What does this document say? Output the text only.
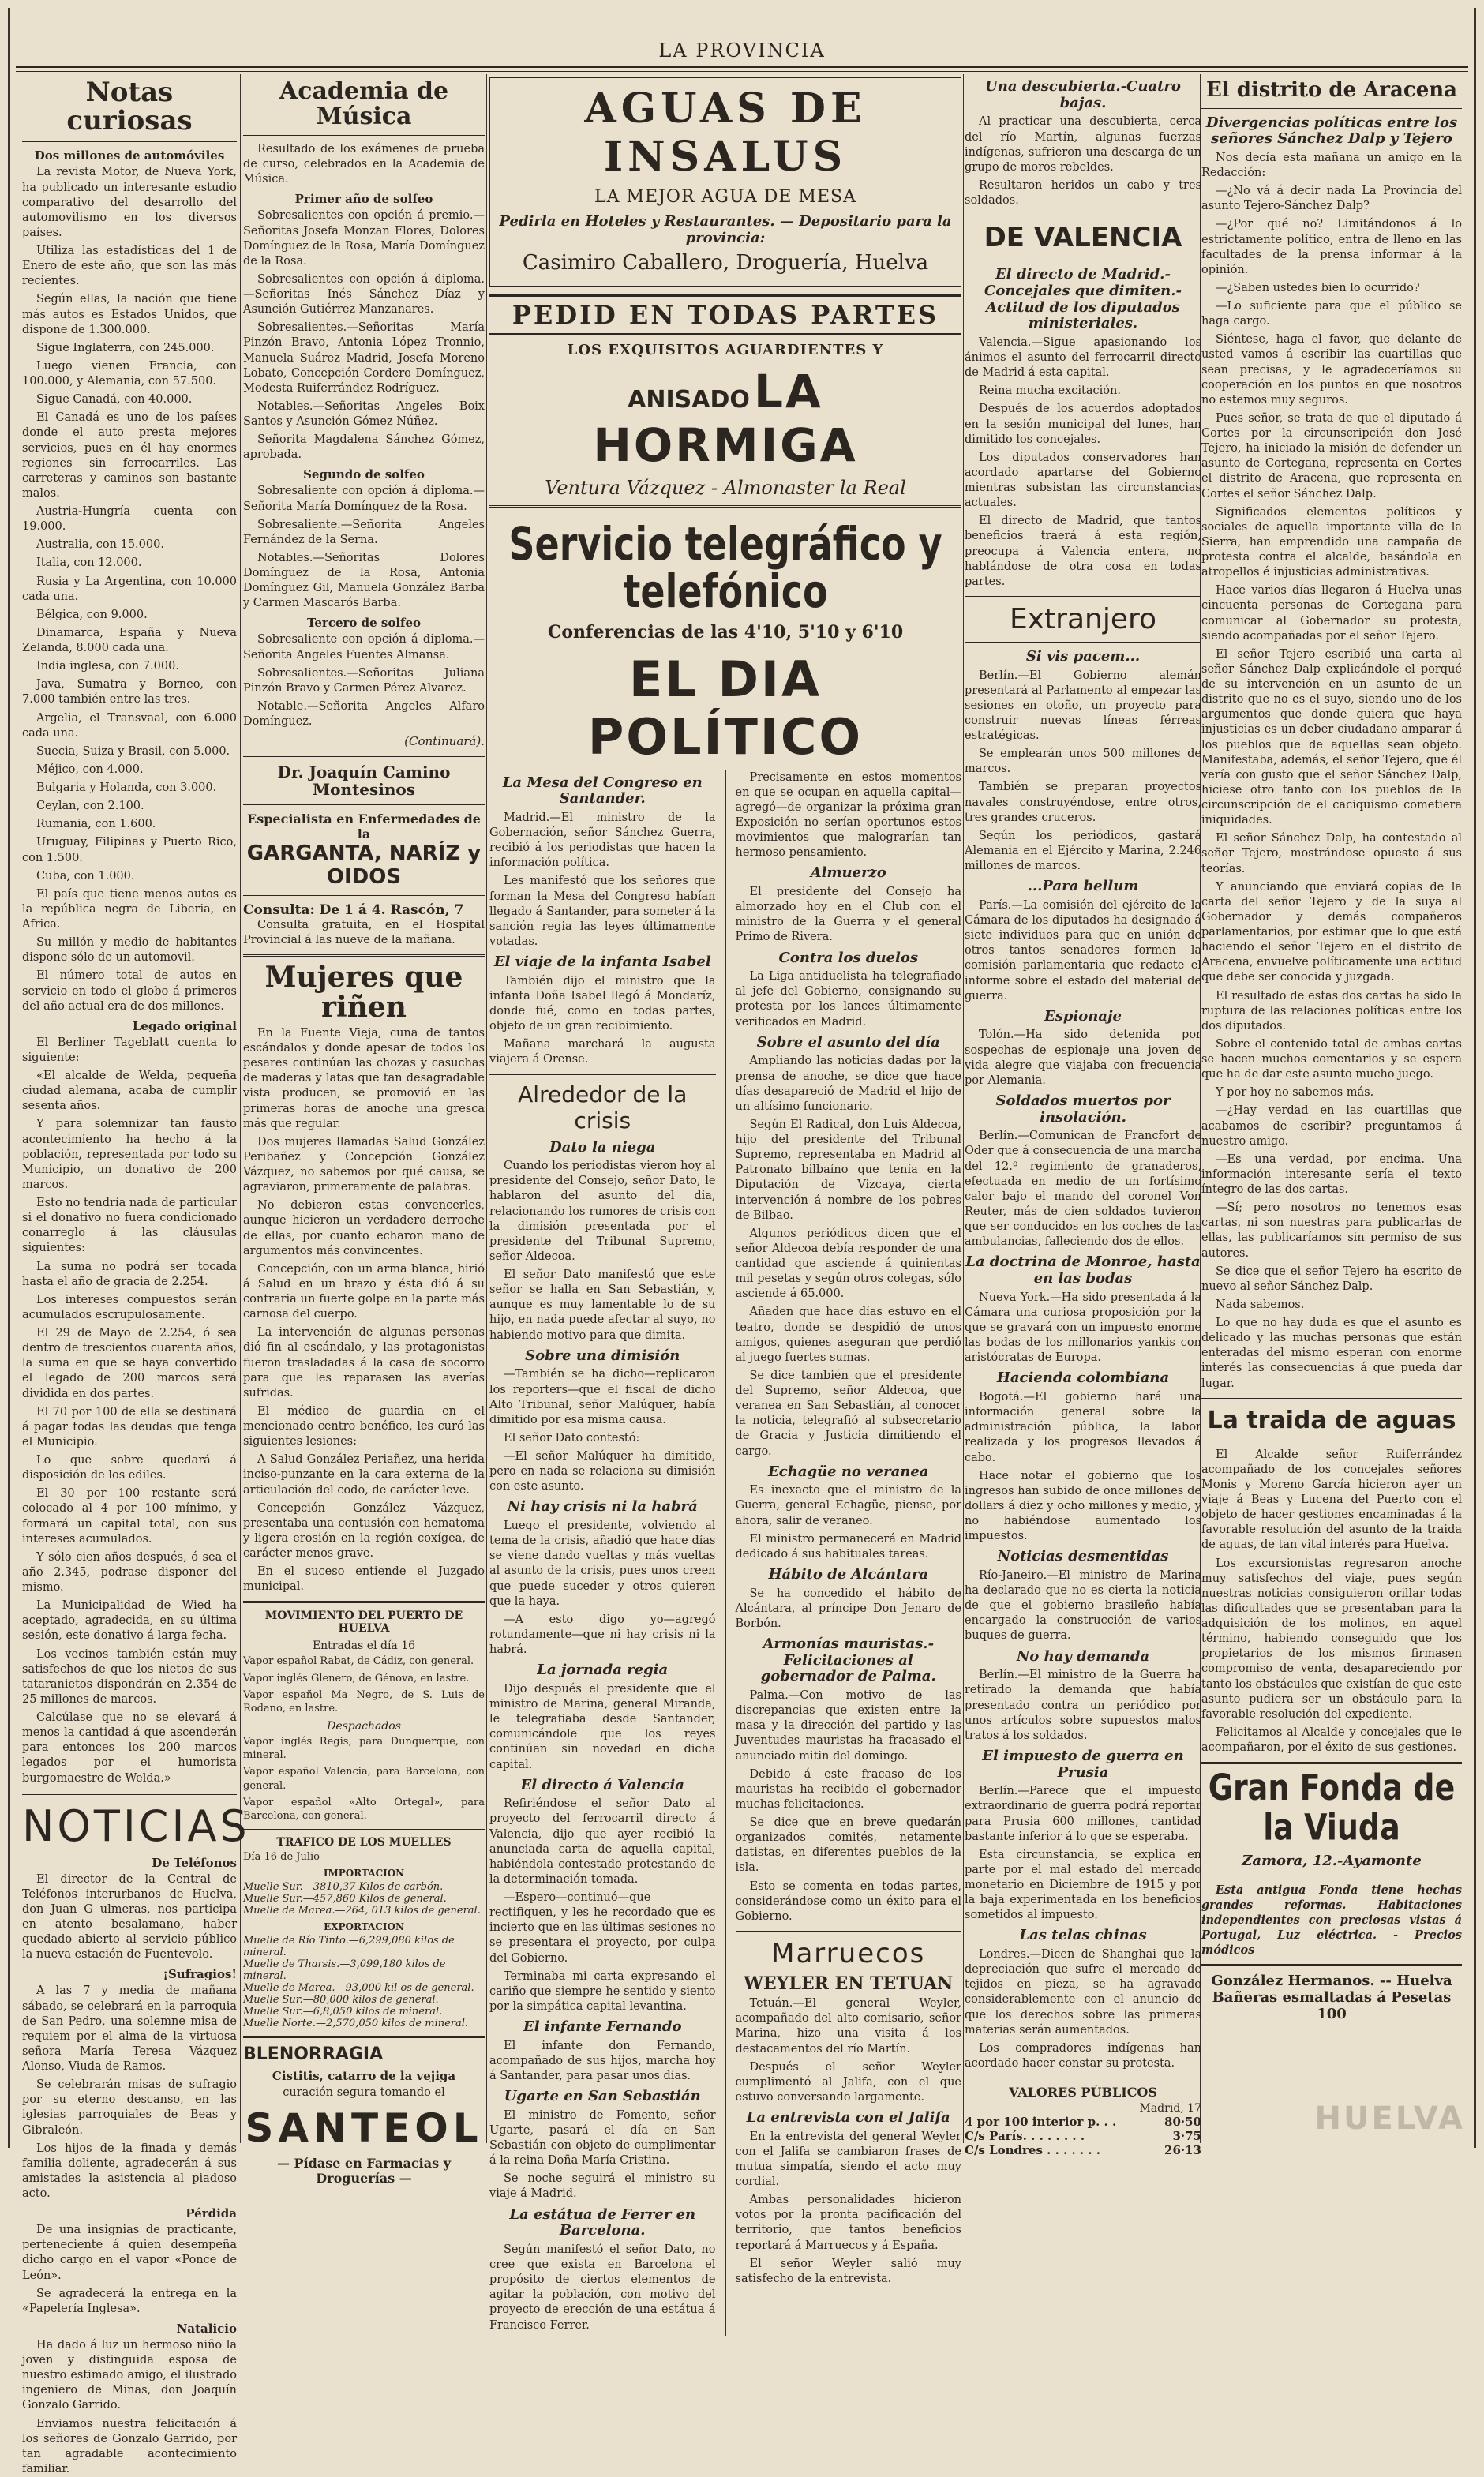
LA PROVINCIA
Notas curiosas
Dos millones de automóviles

La revista Motor, de Nueva York, ha publicado un interesante estudio comparativo del desarrollo del automovilismo en los diversos países.

Utiliza las estadísticas del 1 de Enero de este año, que son las más recientes.

Según ellas, la nación que tiene más autos es Estados Unidos, que dispone de 1.300.000.

Sigue Inglaterra, con 245.000.

Luego vienen Francia, con 100.000, y Alemania, con 57.500.

Sigue Canadá, con 40.000.

El Canadá es uno de los países donde el auto presta mejores servicios, pues en él hay enormes regiones sin ferrocarriles. Las carreteras y caminos son bastante malos.

Austria-Hungría cuenta con 19.000.

Australia, con 15.000.

Italia, con 12.000.

Rusia y La Argentina, con 10.000 cada una.

Bélgica, con 9.000.

Dinamarca, España y Nueva Zelanda, 8.000 cada una.

India inglesa, con 7.000.

Java, Sumatra y Borneo, con 7.000 también entre las tres.

Argelia, el Transvaal, con 6.000 cada una.

Suecia, Suiza y Brasil, con 5.000.

Méjico, con 4.000.

Bulgaria y Holanda, con 3.000.

Ceylan, con 2.100.

Rumania, con 1.600.

Uruguay, Filipinas y Puerto Rico, con 1.500.

Cuba, con 1.000.

El país que tiene menos autos es la república negra de Liberia, en Africa.

Su millón y medio de habitantes dispone sólo de un automovil.

El número total de autos en servicio en todo el globo á primeros del año actual era de dos millones.

Legado original

El Berliner Tageblatt cuenta lo siguiente:

«El alcalde de Welda, pequeña ciudad alemana, acaba de cumplir sesenta años.

Y para solemnizar tan fausto acontecimiento ha hecho á la población, representada por todo su Municipio, un donativo de 200 marcos.

Esto no tendría nada de particular si el donativo no fuera condicionado conarreglo á las cláusulas siguientes:

La suma no podrá ser tocada hasta el año de gracia de 2.254.

Los intereses compuestos serán acumulados escrupulosamente.

El 29 de Mayo de 2.254, ó sea dentro de trescientos cuarenta años, la suma en que se haya convertido el legado de 200 marcos será dividida en dos partes.

El 70 por 100 de ella se destinará á pagar todas las deudas que tenga el Municipio.

Lo que sobre quedará á disposición de los ediles.

El 30 por 100 restante será colocado al 4 por 100 mínimo, y formará un capital total, con sus intereses acumulados.

Y sólo cien años después, ó sea el año 2.345, podrase disponer del mismo.

La Municipalidad de Wied ha aceptado, agradecida, en su última sesión, este donativo á larga fecha.

Los vecinos también están muy satisfechos de que los nietos de sus tataranietos dispondrán en 2.354 de 25 millones de marcos.

Calcúlase que no se elevará á menos la cantidad á que ascenderán para entonces los 200 marcos legados por el humorista burgomaestre de Welda.»

NOTICIAS
De Teléfonos

El director de la Central de Teléfonos interurbanos de Huelva, don Juan G ulmeras, nos participa en atento besalamano, haber quedado abierto al servicio público la nueva estación de Fuentevolo.

¡Sufragios!

A las 7 y media de mañana sábado, se celebrará en la parroquia de San Pedro, una solemne misa de requiem por el alma de la virtuosa señora María Teresa Vázquez Alonso, Viuda de Ramos.

Se celebrarán misas de sufragio por su eterno descanso, en las iglesias parroquiales de Beas y Gibraleón.

Los hijos de la finada y demás familia doliente, agradecerán á sus amistades la asistencia al piadoso acto.

Pérdida

De una insignias de practicante, perteneciente á quien desempeña dicho cargo en el vapor «Ponce de León».

Se agradecerá la entrega en la «Papelería Inglesa».

Natalicio

Ha dado á luz un hermoso niño la joven y distinguida esposa de nuestro estimado amigo, el ilustrado ingeniero de Minas, don Joaquín Gonzalo Garrido.

Enviamos nuestra felicitación á los señores de Gonzalo Garrido, por tan agradable acontecimiento familiar.

Academia de Música

Resultado de los exámenes de prueba de curso, celebrados en la Academia de Música.

Primer año de solfeo

Sobresalientes con opción á premio.—Señoritas Josefa Monzan Flores, Dolores Domínguez de la Rosa, María Domínguez de la Rosa.

Sobresalientes con opción á diploma.—Señoritas Inés Sánchez Díaz y Asunción Gutiérrez Manzanares.

Sobresalientes.—Señoritas María Pinzón Bravo, Antonia López Tronnio, Manuela Suárez Madrid, Josefa Moreno Lobato, Concepción Cordero Domínguez, Modesta Ruiferrández Rodríguez.

Notables.—Señoritas Angeles Boix Santos y Asunción Gómez Núñez.

Señorita Magdalena Sánchez Gómez, aprobada.

Segundo de solfeo

Sobresaliente con opción á diploma.—Señorita María Domínguez de la Rosa.

Sobresaliente.—Señorita Angeles Fernández de la Serna.

Notables.—Señoritas Dolores Domínguez de la Rosa, Antonia Domínguez Gil, Manuela González Barba y Carmen Mascarós Barba.

Tercero de solfeo

Sobresaliente con opción á diploma.—Señorita Angeles Fuentes Almansa.

Sobresalientes.—Señoritas Juliana Pinzón Bravo y Carmen Pérez Alvarez.

Notable.—Señorita Angeles Alfaro Domínguez.

(Continuará).
Dr. Joaquín Camino Montesinos
Especialista en Enfermedades de la
GARGANTA, NARÍZ y OIDOS
Consulta: De 1 á 4. Rascón, 7

Consulta gratuita, en el Hospital Provincial á las nueve de la mañana.

Mujeres que riñen

En la Fuente Vieja, cuna de tantos escándalos y donde apesar de todos los pesares continúan las chozas y casuchas de maderas y latas que tan desagradable vista producen, se promovió en las primeras horas de anoche una gresca más que regular.

Dos mujeres llamadas Salud González Peribañez y Concepción González Vázquez, no sabemos por qué causa, se agraviaron, primeramente de palabras.

No debieron estas convencerles, aunque hicieron un verdadero derroche de ellas, por cuanto echaron mano de argumentos más convincentes.

Concepción, con un arma blanca, hirió á Salud en un brazo y ésta dió á su contraria un fuerte golpe en la parte más carnosa del cuerpo.

La intervención de algunas personas dió fin al escándalo, y las protagonistas fueron trasladadas á la casa de socorro para que les reparasen las averías sufridas.

El médico de guardia en el mencionado centro benéfico, les curó las siguientes lesiones:

A Salud González Periañez, una herida inciso-punzante en la cara externa de la articulación del codo, de carácter leve.

Concepción González Vázquez, presentaba una contusión con hematoma y ligera erosión en la región coxígea, de carácter menos grave.

En el suceso entiende el Juzgado municipal.

MOVIMIENTO DEL PUERTO DE HUELVA
Entradas el día 16

Vapor español Rabat, de Cádiz, con general.

Vapor inglés Glenero, de Génova, en lastre.

Vapor español Ma Negro, de S. Luis de Rodano, en lastre.

Despachados

Vapor inglés Regis, para Dunquerque, con mineral.

Vapor español Valencia, para Barcelona, con general.

Vapor español «Alto Ortegal», para Barcelona, con general.

TRAFICO DE LOS MUELLES
Día 16 de Julio
IMPORTACION
Muelle Sur.—3810,37 Kilos de carbón.
Muelle Sur.—457,860 Kilos de general.
Muelle de Marea.—264, 013 kilos de general.
EXPORTACION
Muelle de Río Tinto.—6,299,080 kilos de mineral.
Muelle de Tharsis.—3,099,180 kilos de mineral.
Muelle de Marea.—93,000 kil os de general.
Muelle Sur.—80,000 kilos de general.
Muelle Sur.—6,8,050 kilos de mineral.
Muelle Norte.—2,570,050 kilos de mineral.
BLENORRAGIA
Cistitis, catarro de la vejiga

curación segura tomando el

SANTEOL
— Pídase en Farmacias y Droguerías —
AGUAS DE INSALUS
LA MEJOR AGUA DE MESA
Pedirla en Hoteles y Restaurantes. — Depositario para la provincia:
Casimiro Caballero, Droguería, Huelva
PEDID EN TODAS PARTES
LOS EXQUISITOS AGUARDIENTES Y
ANISADO LA HORMIGA
Ventura Vázquez - Almonaster la Real
Servicio telegráfico y telefónico
Conferencias de las 4'10, 5'10 y 6'10
EL DIA POLÍTICO
La Mesa del Congreso en Santander.

Madrid.—El ministro de la Gobernación, señor Sánchez Guerra, recibió á los periodistas que hacen la información política.

Les manifestó que los señores que forman la Mesa del Congreso habían llegado á Santander, para someter á la sanción regia las leyes últimamente votadas.

El viaje de la infanta Isabel

También dijo el ministro que la infanta Doña Isabel llegó á Mondaríz, donde fué, como en todas partes, objeto de un gran recibimiento.

Mañana marchará la augusta viajera á Orense.

Alrededor de la crisis
Dato la niega

Cuando los periodistas vieron hoy al presidente del Consejo, señor Dato, le hablaron del asunto del día, relacionando los rumores de crisis con la dimisión presentada por el presidente del Tribunal Supremo, señor Aldecoa.

El señor Dato manifestó que este señor se halla en San Sebastián, y, aunque es muy lamentable lo de su hijo, en nada puede afectar al suyo, no habiendo motivo para que dimita.

Sobre una dimisión

—También se ha dicho—replicaron los reporters—que el fiscal de dicho Alto Tribunal, señor Malúquer, había dimitido por esa misma causa.

El señor Dato contestó:

—El señor Malúquer ha dimitido, pero en nada se relaciona su dimisión con este asunto.

Ni hay crisis ni la habrá

Luego el presidente, volviendo al tema de la crisis, añadió que hace días se viene dando vueltas y más vueltas al asunto de la crisis, pues unos creen que puede suceder y otros quieren que la haya.

—A esto digo yo—agregó rotundamente—que ni hay crisis ni la habrá.

La jornada regia

Dijo después el presidente que el ministro de Marina, general Miranda, le telegrafiaba desde Santander, comunicándole que los reyes continúan sin novedad en dicha capital.

El directo á Valencia

Refiriéndose el señor Dato al proyecto del ferrocarril directo á Valencia, dijo que ayer recibió la anunciada carta de aquella capital, habiéndola contestado protestando de la determinación tomada.

—Espero—continuó—que rectifiquen, y les he recordado que es incierto que en las últimas sesiones no se presentara el proyecto, por culpa del Gobierno.

Terminaba mi carta expresando el cariño que siempre he sentido y siento por la simpática capital levantina.

El infante Fernando

El infante don Fernando, acompañado de sus hijos, marcha hoy á Santander, para pasar unos días.

Ugarte en San Sebastián

El ministro de Fomento, señor Ugarte, pasará el día en San Sebastián con objeto de cumplimentar á la reina Doña María Cristina.

Se noche seguirá el ministro su viaje á Madrid.

La estátua de Ferrer en Barcelona.

Según manifestó el señor Dato, no cree que exista en Barcelona el propósito de ciertos elementos de agitar la población, con motivo del proyecto de erección de una estátua á Francisco Ferrer.

Precisamente en estos momentos en que se ocupan en aquella capital—agregó—de organizar la próxima gran Exposición no serían oportunos estos movimientos que malograrían tan hermoso pensamiento.

Almuerzo

El presidente del Consejo ha almorzado hoy en el Club con el ministro de la Guerra y el general Primo de Rivera.

Contra los duelos

La Liga antiduelista ha telegrafiado al jefe del Gobierno, consignando su protesta por los lances últimamente verificados en Madrid.

Sobre el asunto del día

Ampliando las noticias dadas por la prensa de anoche, se dice que hace días desapareció de Madrid el hijo de un altísimo funcionario.

Según El Radical, don Luis Aldecoa, hijo del presidente del Tribunal Supremo, representaba en Madrid al Patronato bilbaíno que tenía en la Diputación de Vizcaya, cierta intervención á nombre de los pobres de Bilbao.

Algunos periódicos dicen que el señor Aldecoa debía responder de una cantidad que asciende á quinientas mil pesetas y según otros colegas, sólo asciende á 65.000.

Añaden que hace días estuvo en el teatro, donde se despidió de unos amigos, quienes aseguran que perdió al juego fuertes sumas.

Se dice también que el presidente del Supremo, señor Aldecoa, que veranea en San Sebastián, al conocer la noticia, telegrafió al subsecretario de Gracia y Justicia dimitiendo el cargo.

Echagüe no veranea

Es inexacto que el ministro de la Guerra, general Echagüe, piense, por ahora, salir de veraneo.

El ministro permanecerá en Madrid dedicado á sus habituales tareas.

Hábito de Alcántara

Se ha concedido el hábito de Alcántara, al príncipe Don Jenaro de Borbón.

Armonías mauristas.-Felicitaciones al gobernador de Palma.

Palma.—Con motivo de las discrepancias que existen entre la masa y la dirección del partido y las Juventudes mauristas ha fracasado el anunciado mitin del domingo.

Debido á este fracaso de los mauristas ha recibido el gobernador muchas felicitaciones.

Se dice que en breve quedarán organizados comités, netamente datistas, en diferentes pueblos de la isla.

Esto se comenta en todas partes, considerándose como un éxito para el Gobierno.

Marruecos
WEYLER EN TETUAN

Tetuán.—El general Weyler, acompañado del alto comisario, señor Marina, hizo una visita á los destacamentos del río Martín.

Después el señor Weyler cumplimentó al Jalifa, con el que estuvo conversando largamente.

La entrevista con el Jalifa

En la entrevista del general Weyler con el Jalifa se cambiaron frases de mutua simpatía, siendo el acto muy cordial.

Ambas personalidades hicieron votos por la pronta pacificación del territorio, que tantos beneficios reportará á Marruecos y á España.

El señor Weyler salió muy satisfecho de la entrevista.

Una descubierta.-Cuatro bajas.

Al practicar una descubierta, cerca del río Martín, algunas fuerzas indígenas, sufrieron una descarga de un grupo de moros rebeldes.

Resultaron heridos un cabo y tres soldados.

DE VALENCIA
El directo de Madrid.-Concejales que dimiten.-Actitud de los diputados ministeriales.

Valencia.—Sigue apasionando los ánimos el asunto del ferrocarril directo de Madrid á esta capital.

Reina mucha excitación.

Después de los acuerdos adoptados en la sesión municipal del lunes, han dimitido los concejales.

Los diputados conservadores han acordado apartarse del Gobierno mientras subsistan las circunstancias actuales.

El directo de Madrid, que tantos beneficios traerá á esta región, preocupa á Valencia entera, no hablándose de otra cosa en todas partes.

Extranjero
Si vis pacem...

Berlín.—El Gobierno alemán presentará al Parlamento al empezar las sesiones en otoño, un proyecto para construir nuevas líneas férreas estratégicas.

Se emplearán unos 500 millones de marcos.

También se preparan proyectos navales construyéndose, entre otros, tres grandes cruceros.

Según los periódicos, gastará Alemania en el Ejército y Marina, 2.246 millones de marcos.

...Para bellum

París.—La comisión del ejército de la Cámara de los diputados ha designado á siete individuos para que en unión de otros tantos senadores formen la comisión parlamentaria que redacte el informe sobre el estado del material de guerra.

Espionaje

Tolón.—Ha sido detenida por sospechas de espionaje una joven de vida alegre que viajaba con frecuencia por Alemania.

Soldados muertos por insolación.

Berlín.—Comunican de Francfort de Oder que á consecuencia de una marcha del 12.º regimiento de granaderos, efectuada en medio de un fortísimo calor bajo el mando del coronel Von Reuter, más de cien soldados tuvieron que ser conducidos en los coches de las ambulancias, falleciendo dos de ellos.

La doctrina de Monroe, hasta en las bodas

Nueva York.—Ha sido presentada á la Cámara una curiosa proposición por la que se gravará con un impuesto enorme las bodas de los millonarios yankis con aristócratas de Europa.

Hacienda colombiana

Bogotá.—El gobierno hará una información general sobre la administración pública, la labor realizada y los progresos llevados á cabo.

Hace notar el gobierno que los ingresos han subido de once millones de dollars á diez y ocho millones y medio, y no habiéndose aumentado los impuestos.

Noticias desmentidas

Río-Janeiro.—El ministro de Marina ha declarado que no es cierta la noticia de que el gobierno brasileño había encargado la construcción de varios buques de guerra.

No hay demanda

Berlín.—El ministro de la Guerra ha retirado la demanda que había presentado contra un periódico por unos artículos sobre supuestos malos tratos á los soldados.

El impuesto de guerra en Prusia

Berlín.—Parece que el impuesto extraordinario de guerra podrá reportar para Prusia 600 millones, cantidad bastante inferior á lo que se esperaba.

Esta circunstancia, se explica en parte por el mal estado del mercado monetario en Diciembre de 1915 y por la baja experimentada en los beneficios sometidos al impuesto.

Las telas chinas

Londres.—Dicen de Shanghai que la depreciación que sufre el mercado de tejidos en pieza, se ha agravado considerablemente con el anuncio de que los derechos sobre las primeras materias serán aumentados.

Los compradores indígenas han acordado hacer constar su protesta.

VALORES PÚBLICOS
Madrid, 17
4 por 100 interior p. . .	80·50
C/s París. . . . . . . .	3·75
C/s Londres . . . . . . .	26·13
El distrito de Aracena
Divergencias políticas entre los señores Sánchez Dalp y Tejero

Nos decía esta mañana un amigo en la Redacción:

—¿No vá á decir nada La Provincia del asunto Tejero-Sánchez Dalp?

—¿Por qué no? Limitándonos á lo estrictamente político, entra de lleno en las facultades de la prensa informar á la opinión.

—¿Saben ustedes bien lo ocurrido?

—Lo suficiente para que el público se haga cargo.

Siéntese, haga el favor, que delante de usted vamos á escribir las cuartillas que sean precisas, y le agradeceríamos su cooperación en los puntos en que nosotros no estemos muy seguros.

Pues señor, se trata de que el diputado á Cortes por la circunscripción don José Tejero, ha iniciado la misión de defender un asunto de Cortegana, representa en Cortes el distrito de Aracena, que representa en Cortes el señor Sánchez Dalp.

Significados elementos políticos y sociales de aquella importante villa de la Sierra, han emprendido una campaña de protesta contra el alcalde, basándola en atropellos é injusticias administrativas.

Hace varios días llegaron á Huelva unas cincuenta personas de Cortegana para comunicar al Gobernador su protesta, siendo acompañadas por el señor Tejero.

El señor Tejero escribió una carta al señor Sánchez Dalp explicándole el porqué de su intervención en un asunto de un distrito que no es el suyo, siendo uno de los argumentos que donde quiera que haya injusticias es un deber ciudadano amparar á los pueblos que de aquellas sean objeto. Manifestaba, además, el señor Tejero, que él vería con gusto que el señor Sánchez Dalp, hiciese otro tanto con los pueblos de la circunscripción de el caciquismo cometiera iniquidades.

El señor Sánchez Dalp, ha contestado al señor Tejero, mostrándose opuesto á sus teorías.

Y anunciando que enviará copias de la carta del señor Tejero y de la suya al Gobernador y demás compañeros parlamentarios, por estimar que lo que está haciendo el señor Tejero en el distrito de Aracena, envuelve políticamente una actitud que debe ser conocida y juzgada.

El resultado de estas dos cartas ha sido la ruptura de las relaciones políticas entre los dos diputados.

Sobre el contenido total de ambas cartas se hacen muchos comentarios y se espera que ha de dar este asunto mucho juego.

Y por hoy no sabemos más.

—¿Hay verdad en las cuartillas que acabamos de escribir? preguntamos á nuestro amigo.

—Es una verdad, por encima. Una información interesante sería el texto íntegro de las dos cartas.

—Sí; pero nosotros no tenemos esas cartas, ni son nuestras para publicarlas de ellas, las publicaríamos sin permiso de sus autores.

Se dice que el señor Tejero ha escrito de nuevo al señor Sánchez Dalp.

Nada sabemos.

Lo que no hay duda es que el asunto es delicado y las muchas personas que están enteradas del mismo esperan con enorme interés las consecuencias á que pueda dar lugar.

La traida de aguas

El Alcalde señor Ruiferrández acompañado de los concejales señores Monis y Moreno García hicieron ayer un viaje á Beas y Lucena del Puerto con el objeto de hacer gestiones encaminadas á la favorable resolución del asunto de la traida de aguas, de tan vital interés para Huelva.

Los excursionistas regresaron anoche muy satisfechos del viaje, pues según nuestras noticias consiguieron orillar todas las dificultades que se presentaban para la adquisición de los molinos, en aquel término, habiendo conseguido que los propietarios de los mismos firmasen compromiso de venta, desapareciendo por tanto los obstáculos que existían de que este asunto pudiera ser un obstáculo para la favorable resolución del expediente.

Felicitamos al Alcalde y concejales que le acompañaron, por el éxito de sus gestiones.

Gran Fonda de la Viuda
Zamora, 12.-Ayamonte

Esta antigua Fonda tiene hechas grandes reformas. Habitaciones independientes con preciosas vistas á Portugal, Luz eléctrica. - Precios módicos

González Hermanos. -- Huelva
Bañeras esmaltadas á Pesetas 100
HUELVA
